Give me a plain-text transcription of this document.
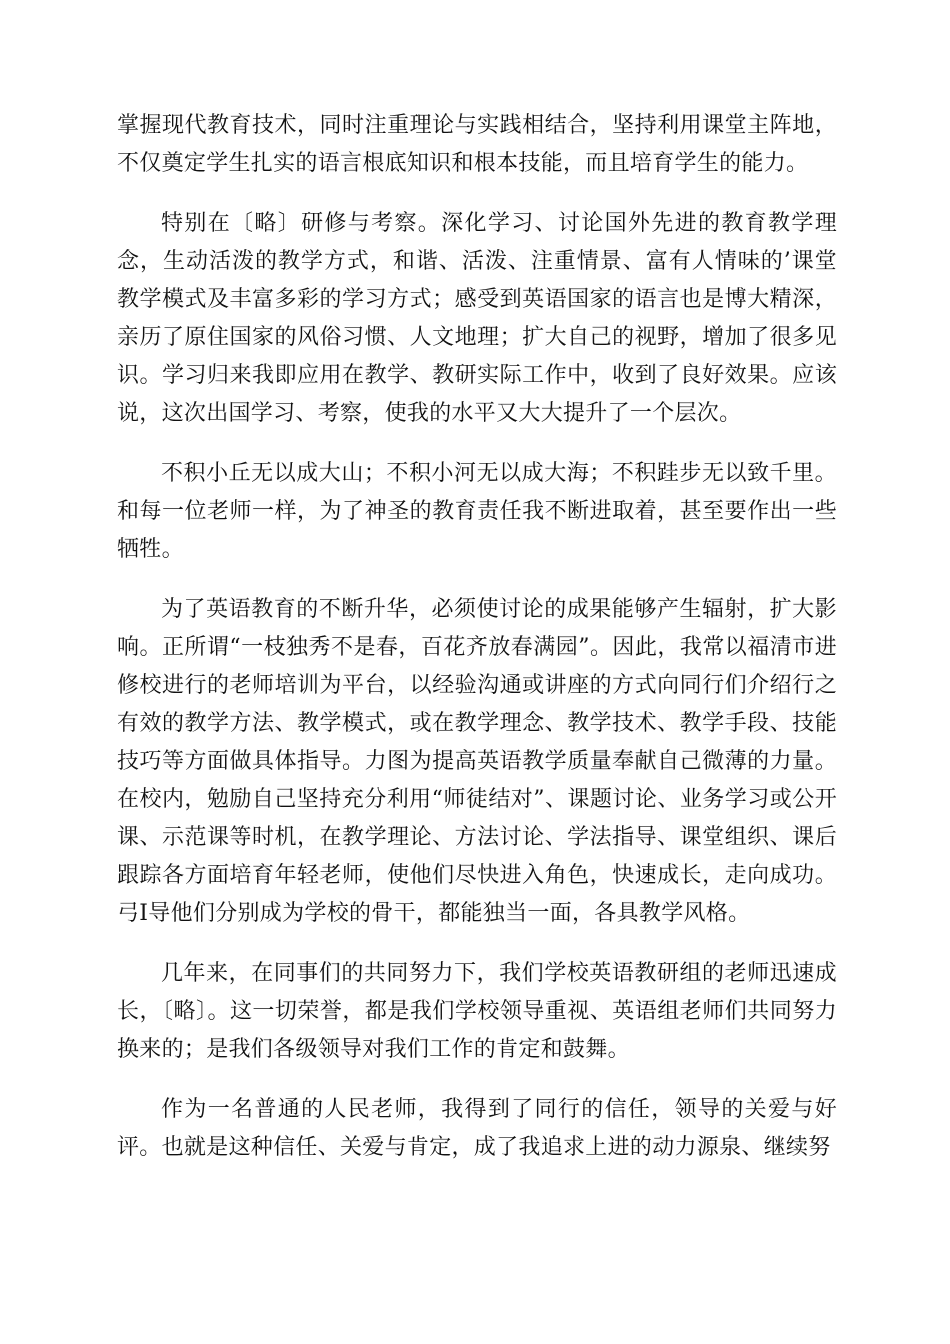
掌握现代教育技术，同时注重理论与实践相结合，坚持利用课堂主阵地，不仅奠定学生扎实的语言根底知识和根本技能，而且培育学生的能力。

特别在〔略〕研修与考察。深化学习、讨论国外先进的教育教学理念，生动活泼的教学方式，和谐、活泼、注重情景、富有人情味的’课堂教学模式及丰富多彩的学习方式；感受到英语国家的语言也是博大精深，亲历了原住国家的风俗习惯、人文地理；扩大自己的视野，增加了很多见识。学习归来我即应用在教学、教研实际工作中，收到了良好效果。应该说，这次出国学习、考察，使我的水平又大大提升了一个层次。

不积小丘无以成大山；不积小河无以成大海；不积跬步无以致千里。和每一位老师一样，为了神圣的教育责任我不断进取着，甚至要作出一些牺牲。

为了英语教育的不断升华，必须使讨论的成果能够产生辐射，扩大影响。正所谓“一枝独秀不是春，百花齐放春满园”。因此，我常以福清市进修校进行的老师培训为平台，以经验沟通或讲座的方式向同行们介绍行之有效的教学方法、教学模式，或在教学理念、教学技术、教学手段、技能技巧等方面做具体指导。力图为提高英语教学质量奉献自己微薄的力量。在校内，勉励自己坚持充分利用“师徒结对”、课题讨论、业务学习或公开课、示范课等时机，在教学理论、方法讨论、学法指导、课堂组织、课后跟踪各方面培育年轻老师，使他们尽快进入角色，快速成长，走向成功。弓I导他们分别成为学校的骨干，都能独当一面，各具教学风格。

几年来，在同事们的共同努力下，我们学校英语教研组的老师迅速成长，〔略〕。这一切荣誉，都是我们学校领导重视、英语组老师们共同努力换来的；是我们各级领导对我们工作的肯定和鼓舞。

作为一名普通的人民老师，我得到了同行的信任，领导的关爱与好评。也就是这种信任、关爱与肯定，成了我追求上进的动力源泉、继续努
